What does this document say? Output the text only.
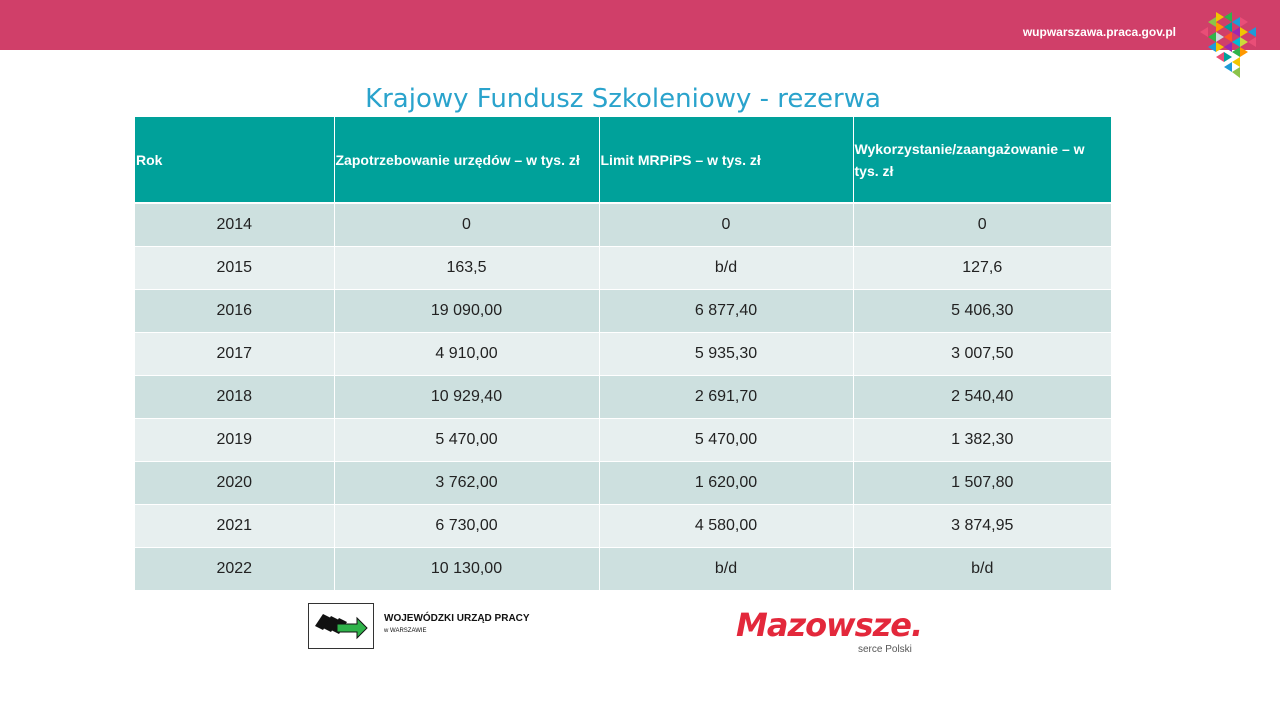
wupwarszawa.praca.gov.pl
Krajowy Fundusz Szkoleniowy - rezerwa
Rok	Zapotrzebowanie urzędów – w tys. zł	Limit MRPiPS – w tys. zł	Wykorzystanie/zaangażowanie – w tys. zł
2014	0	0	0
2015	163,5	b/d	127,6
2016	19 090,00	6 877,40	5 406,30
2017	4 910,00	5 935,30	3 007,50
2018	10 929,40	2 691,70	2 540,40
2019	5 470,00	5 470,00	1 382,30
2020	3 762,00	1 620,00	1 507,80
2021	6 730,00	4 580,00	3 874,95
2022	10 130,00	b/d	b/d
WOJEWÓDZKI URZĄD PRACY
w WARSZAWIE	Mazowsze.
serce Polski
